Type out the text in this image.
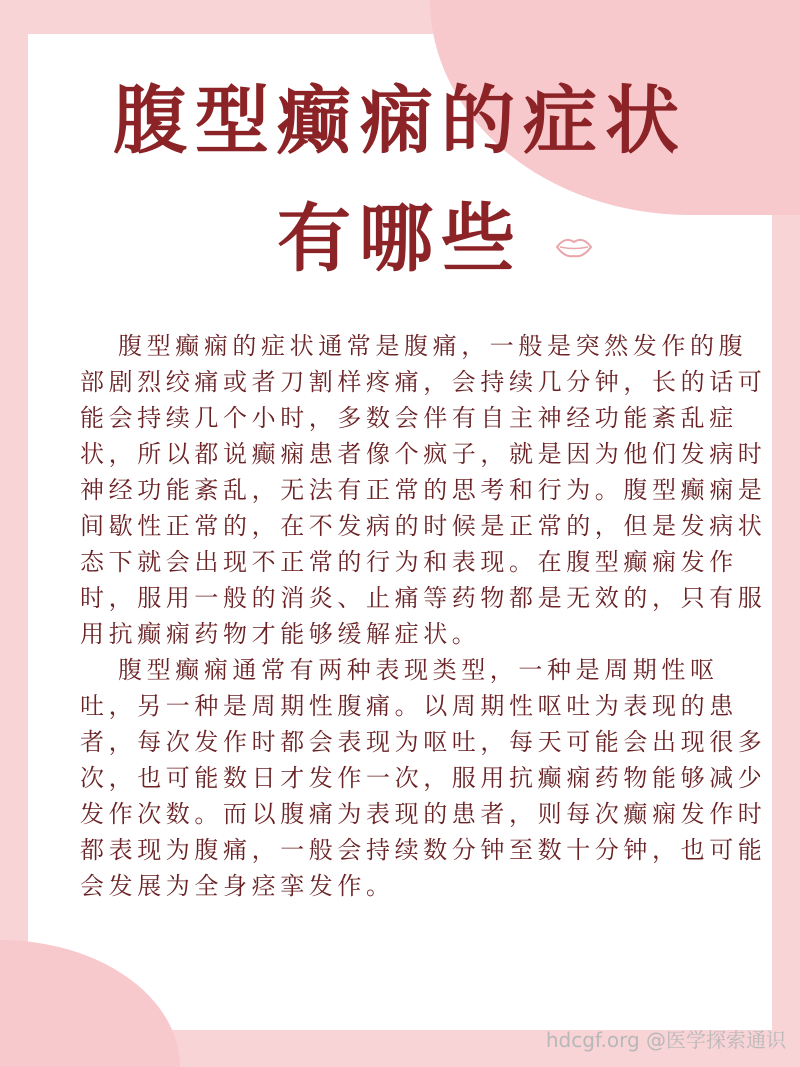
腹型癫痫的症状
有哪些
腹型癫痫的症状通常是腹痛，一般是突然发作的腹
部剧烈绞痛或者刀割样疼痛，会持续几分钟，长的话可
能会持续几个小时，多数会伴有自主神经功能紊乱症
状，所以都说癫痫患者像个疯子，就是因为他们发病时
神经功能紊乱，无法有正常的思考和行为。腹型癫痫是
间歇性正常的，在不发病的时候是正常的，但是发病状
态下就会出现不正常的行为和表现。在腹型癫痫发作
时，服用一般的消炎、止痛等药物都是无效的，只有服
用抗癫痫药物才能够缓解症状。
腹型癫痫通常有两种表现类型，一种是周期性呕
吐，另一种是周期性腹痛。以周期性呕吐为表现的患
者，每次发作时都会表现为呕吐，每天可能会出现很多
次，也可能数日才发作一次，服用抗癫痫药物能够减少
发作次数。而以腹痛为表现的患者，则每次癫痫发作时
都表现为腹痛，一般会持续数分钟至数十分钟，也可能
会发展为全身痉挛发作。
hdcgf.org @医学探索通识
